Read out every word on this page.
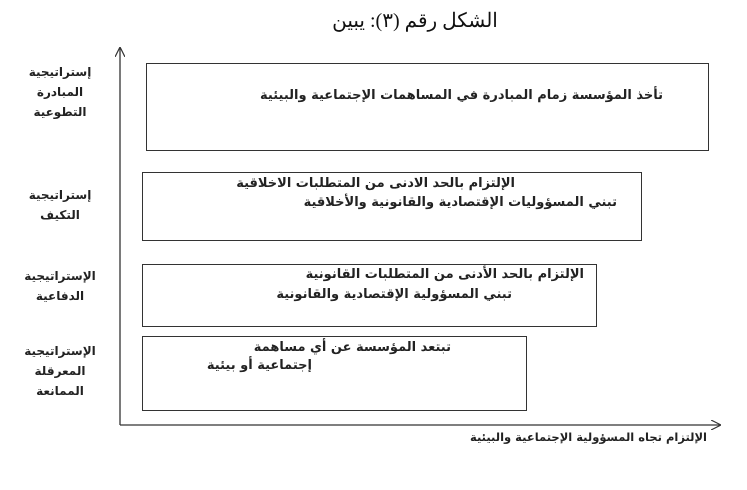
الشكل رقم (٣): يبين
إستراتيجية
المبادرة
التطوعية
تأخذ المؤسسة زمام المبادرة في المساهمات الإجتماعية والبيئية
إستراتيجية
التكيف
الإلتزام بالحد الادنى من المتطلبات الاخلاقية
تبني المسؤوليات الإقتصادية والقانونية والأخلاقية
الإستراتيجية
الدفاعية
الإلتزام بالحد الأدنى من المتطلبات القانونية
تبني المسؤولية الإقتصادية والقانونية
الإستراتيجية
المعرقلة
الممانعة
تبتعد المؤسسة عن أي مساهمة
إجتماعية أو بيئية
الإلتزام تجاه المسؤولية الإجتماعية والبيئية
